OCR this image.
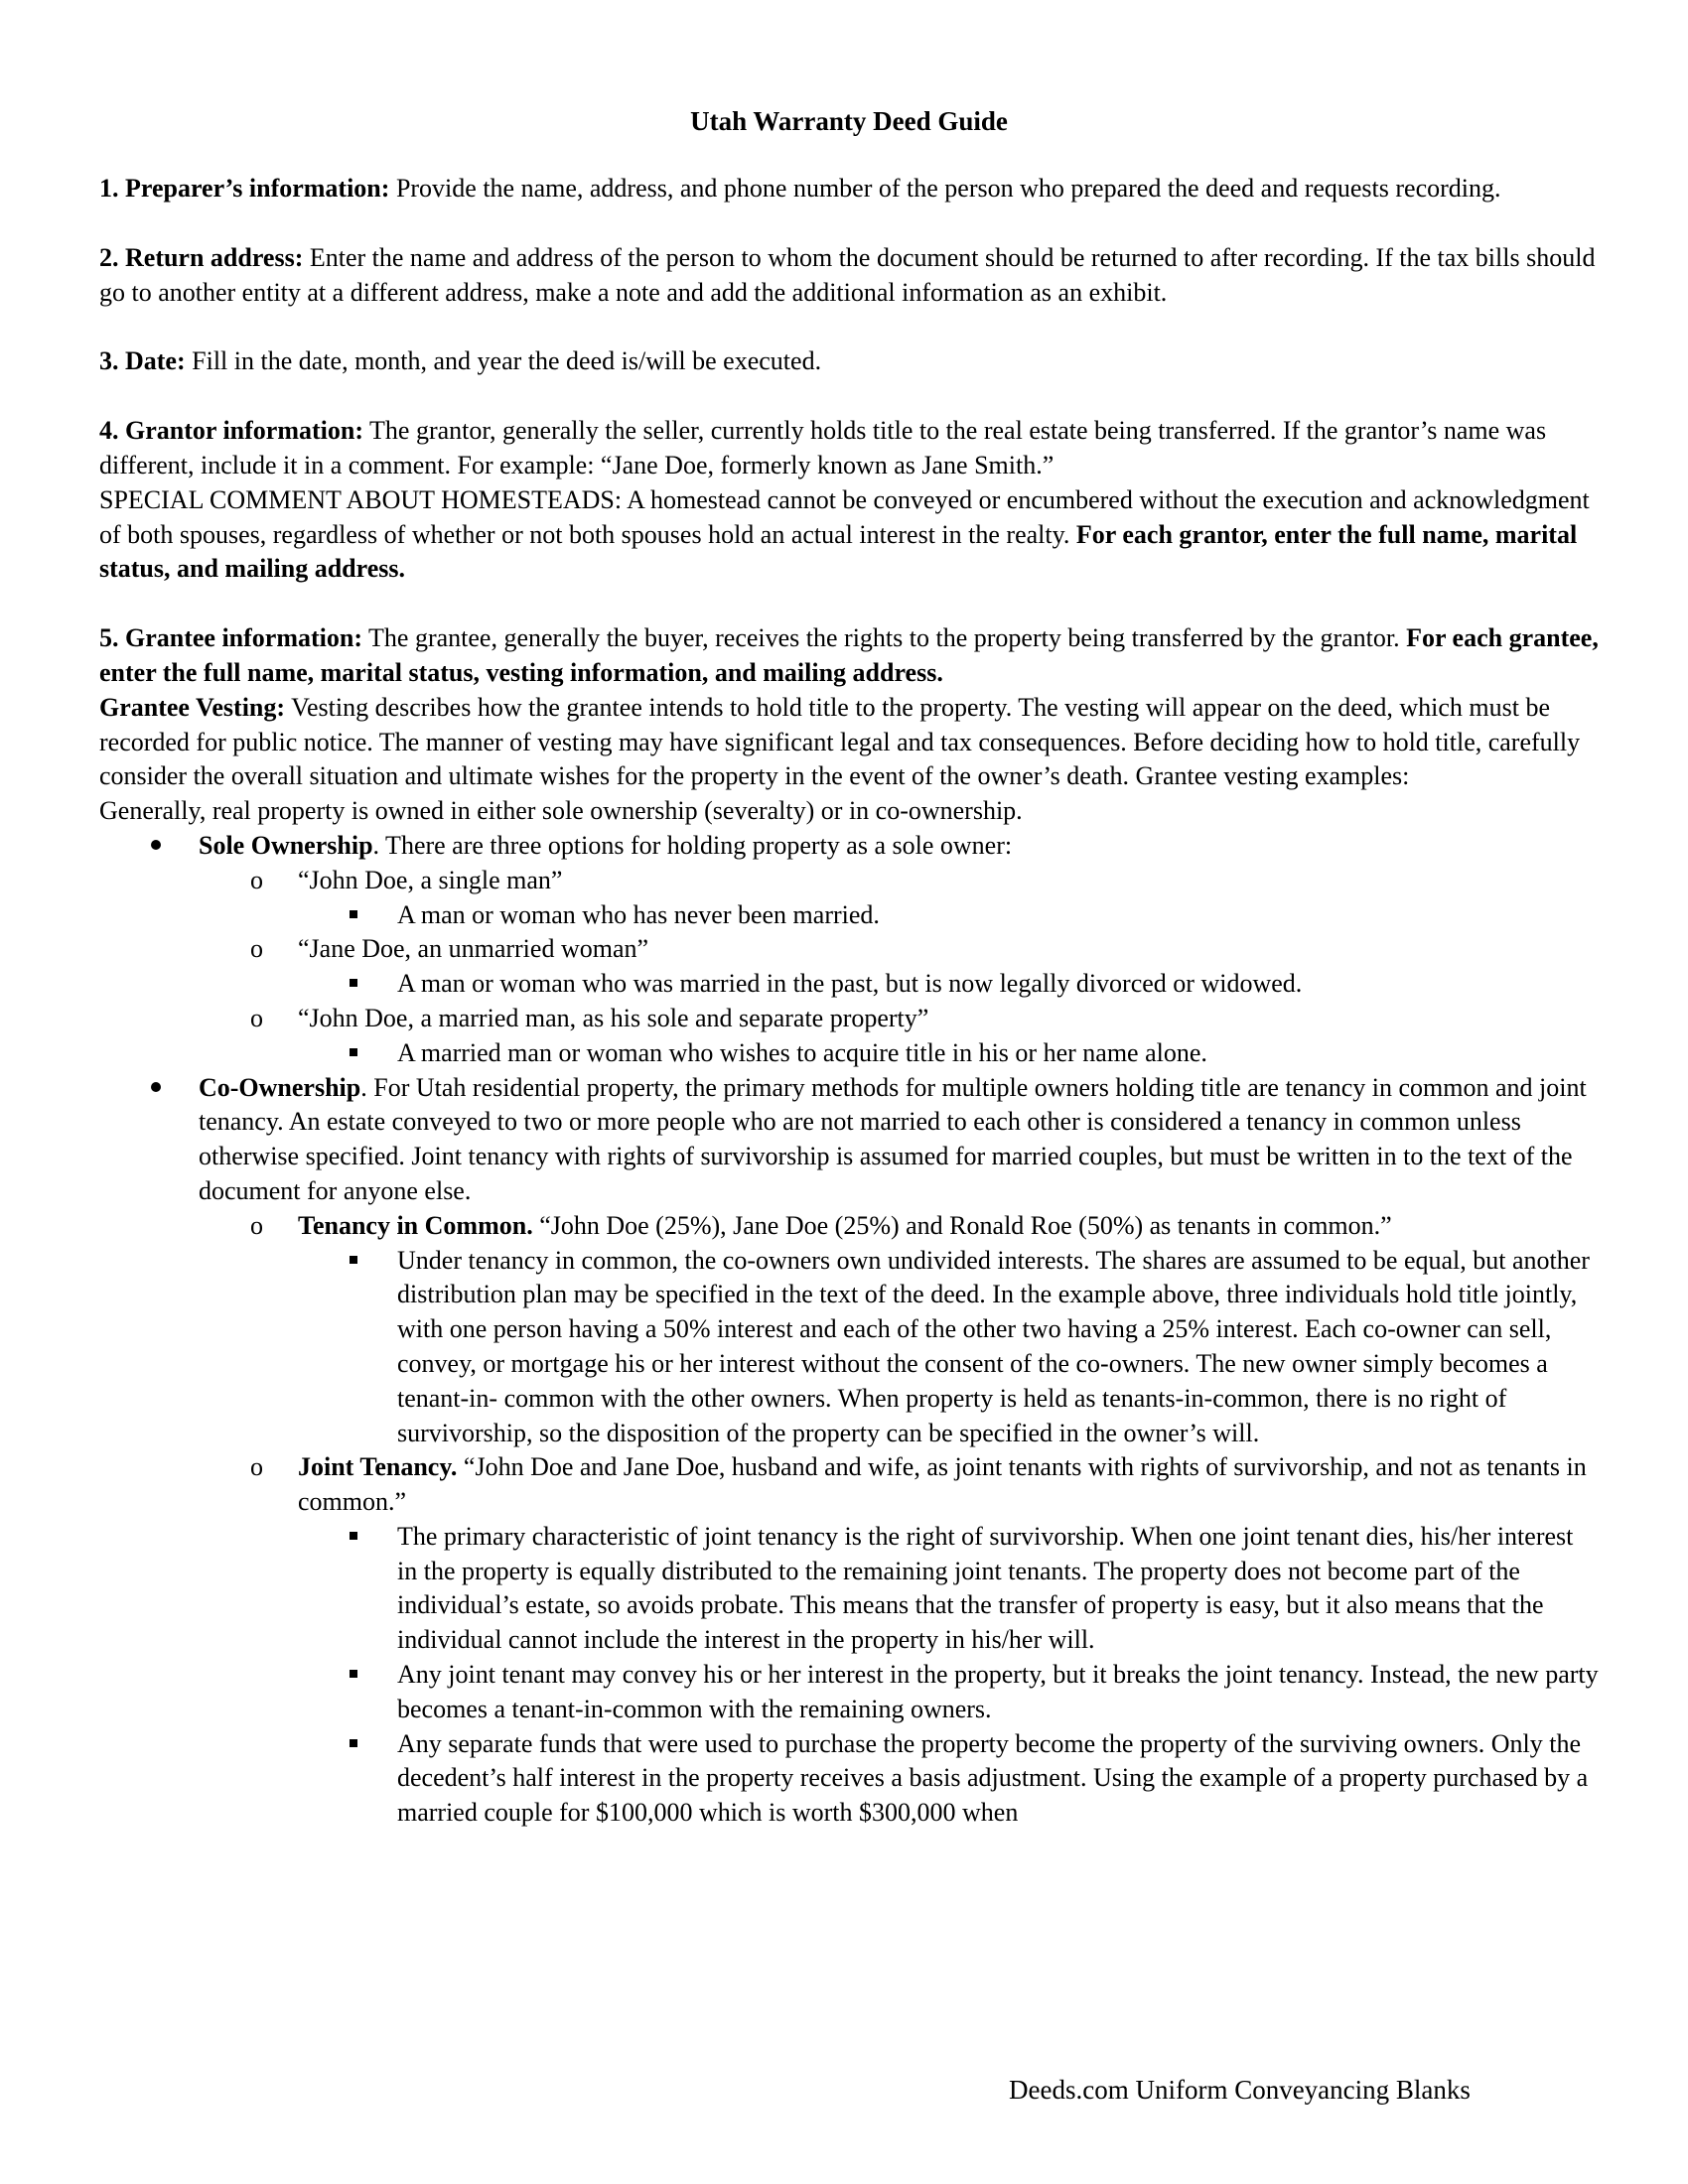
Utah Warranty Deed Guide

1. Preparer’s information: Provide the name, address, and phone number of the person who prepared the deed and requests recording.

2. Return address: Enter the name and address of the person to whom the document should be returned to after recording. If the tax bills should go to another entity at a different address, make a note and add the additional information as an exhibit.

3. Date: Fill in the date, month, and year the deed is/will be executed.

4. Grantor information: The grantor, generally the seller, currently holds title to the real estate being transferred. If the grantor’s name was different, include it in a comment. For example: “Jane Doe, formerly known as Jane Smith.”
SPECIAL COMMENT ABOUT HOMESTEADS: A homestead cannot be conveyed or encumbered without the execution and acknowledgment of both spouses, regardless of whether or not both spouses hold an actual interest in the realty. For each grantor, enter the full name, marital status, and mailing address.

5. Grantee information: The grantee, generally the buyer, receives the rights to the property being transferred by the grantor. For each grantee, enter the full name, marital status, vesting information, and mailing address.
Grantee Vesting: Vesting describes how the grantee intends to hold title to the property. The vesting will appear on the deed, which must be recorded for public notice. The manner of vesting may have significant legal and tax consequences. Before deciding how to hold title, carefully consider the overall situation and ultimate wishes for the property in the event of the owner’s death. Grantee vesting examples:
Generally, real property is owned in either sole ownership (severalty) or in co-ownership.

Sole Ownership. There are three options for holding property as a sole owner:
o “John Doe, a single man”
A man or woman who has never been married.
o “Jane Doe, an unmarried woman”
A man or woman who was married in the past, but is now legally divorced or widowed.
o “John Doe, a married man, as his sole and separate property”
A married man or woman who wishes to acquire title in his or her name alone.
Co-Ownership. For Utah residential property, the primary methods for multiple owners holding title are tenancy in common and joint tenancy. An estate conveyed to two or more people who are not married to each other is considered a tenancy in common unless otherwise specified. Joint tenancy with rights of survivorship is assumed for married couples, but must be written in to the text of the document for anyone else.
o Tenancy in Common. “John Doe (25%), Jane Doe (25%) and Ronald Roe (50%) as tenants in common.”
Under tenancy in common, the co-owners own undivided interests. The shares are assumed to be equal, but another distribution plan may be specified in the text of the deed. In the example above, three individuals hold title jointly, with one person having a 50% interest and each of the other two having a 25% interest. Each co-owner can sell, convey, or mortgage his or her interest without the consent of the co-owners. The new owner simply becomes a tenant-in- common with the other owners. When property is held as tenants-in-common, there is no right of survivorship, so the disposition of the property can be specified in the owner’s will.
o Joint Tenancy. “John Doe and Jane Doe, husband and wife, as joint tenants with rights of survivorship, and not as tenants in common.”
The primary characteristic of joint tenancy is the right of survivorship. When one joint tenant dies, his/her interest in the property is equally distributed to the remaining joint tenants. The property does not become part of the individual’s estate, so avoids probate. This means that the transfer of property is easy, but it also means that the individual cannot include the interest in the property in his/her will.
Any joint tenant may convey his or her interest in the property, but it breaks the joint tenancy. Instead, the new party becomes a tenant-in-common with the remaining owners.
Any separate funds that were used to purchase the property become the property of the surviving owners. Only the decedent’s half interest in the property receives a basis adjustment. Using the example of a property purchased by a married couple for $100,000 which is worth $300,000 when
Deeds.com Uniform Conveyancing Blanks
